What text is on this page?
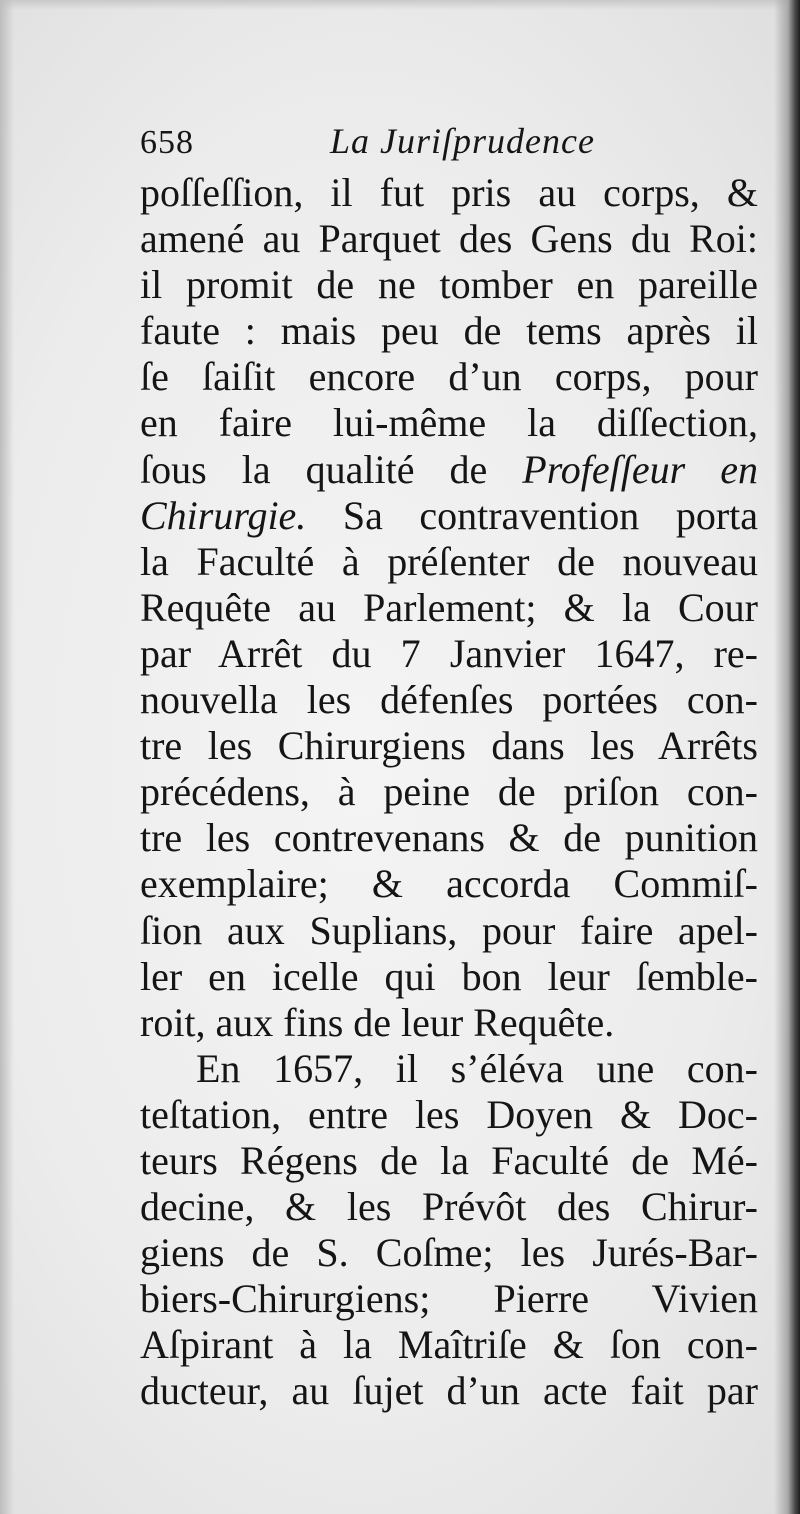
658	La Juriſprudence
poſſeſſion, il fut pris au corps, &
amené au Parquet des Gens du Roi:
il promit de ne tomber en pareille
faute : mais peu de tems après il
ſe ſaiſit encore d’un corps, pour
en faire lui-même la diſſection,
ſous la qualité de Profeſſeur en
Chirurgie. Sa contravention porta
la Faculté à préſenter de nouveau
Requête au Parlement; & la Cour
par Arrêt du 7 Janvier 1647, re-
nouvella les défenſes portées con-
tre les Chirurgiens dans les Arrêts
précédens, à peine de priſon con-
tre les contrevenans & de punition
exemplaire; & accorda Commiſ-
ſion aux Suplians, pour faire apel-
ler en icelle qui bon leur ſemble-
roit, aux fins de leur Requête.
En 1657, il s’éléva une con-
teſtation, entre les Doyen & Doc-
teurs Régens de la Faculté de Mé-
decine, & les Prévôt des Chirur-
giens de S. Coſme; les Jurés-Bar-
biers-Chirurgiens; Pierre Vivien
Aſpirant à la Maîtriſe & ſon con-
ducteur, au ſujet d’un acte fait par
